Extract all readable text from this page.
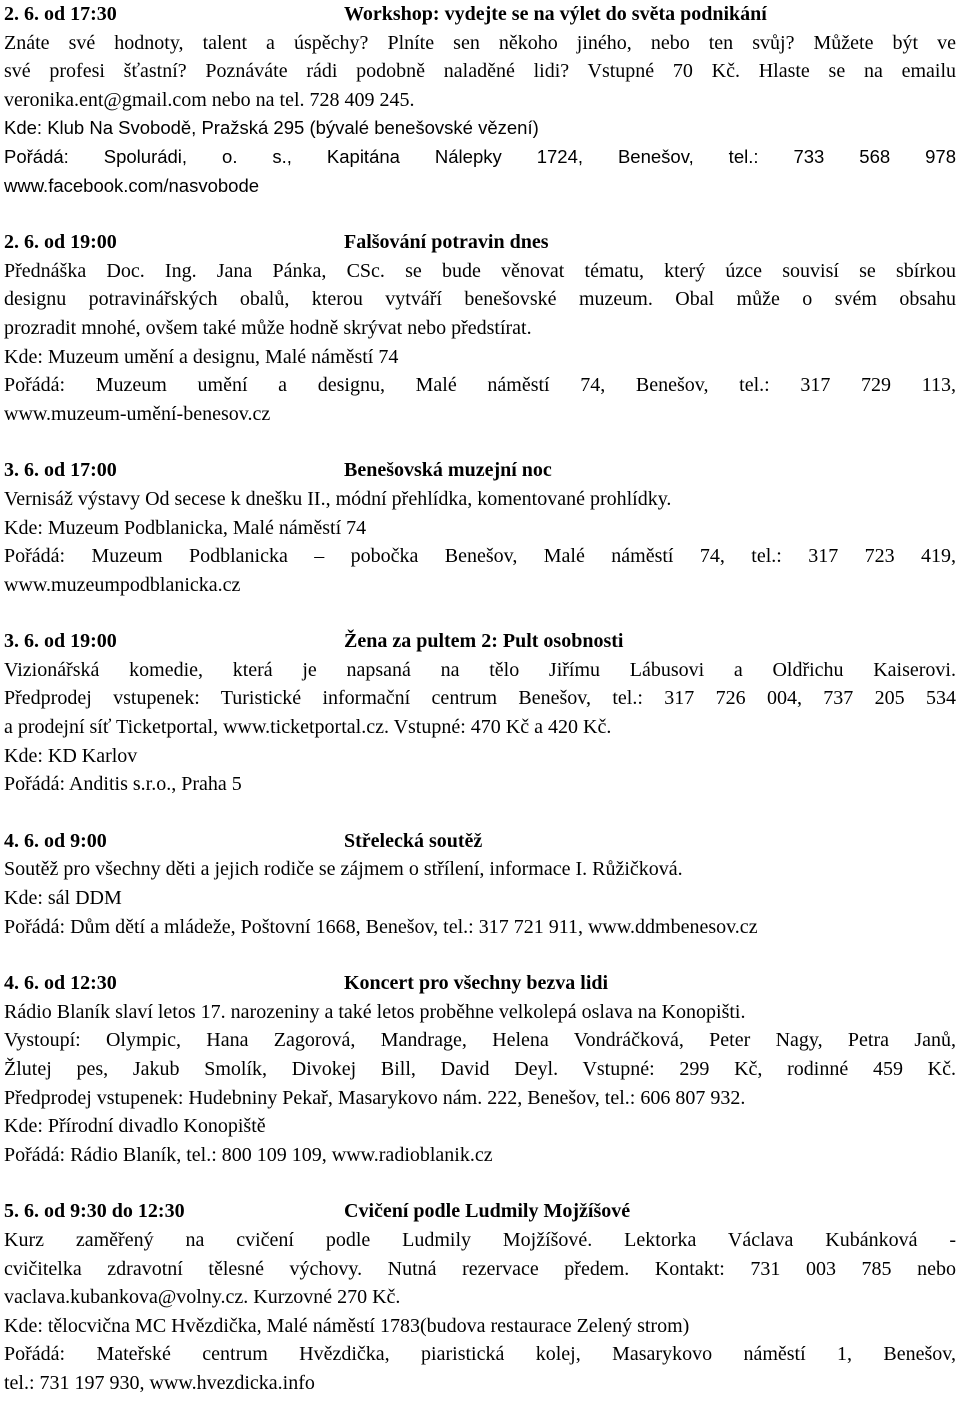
2. 6. od 17:30	Workshop: vydejte se na výlet do světa podnikání
Znáte své hodnoty, talent a úspěchy? Plníte sen někoho jiného, nebo ten svůj? Můžete být ve
své profesi šťastní? Poznáváte rádi podobně naladěné lidi? Vstupné 70 Kč. Hlaste se na emailu
veronika.ent@gmail.com nebo na tel. 728 409 245.
Kde: Klub Na Svobodě, Pražská 295 (bývalé benešovské vězení)
Pořádá: Spolurádi, o. s., Kapitána Nálepky 1724, Benešov, tel.: 733 568 978
www.facebook.com/nasvobode
2. 6. od 19:00	Falšování potravin dnes
Přednáška Doc. Ing. Jana Pánka, CSc. se bude věnovat tématu, který úzce souvisí se sbírkou
designu potravinářských obalů, kterou vytváří benešovské muzeum. Obal může o svém obsahu
prozradit mnohé, ovšem také může hodně skrývat nebo předstírat.
Kde: Muzeum umění a designu, Malé náměstí 74
Pořádá: Muzeum umění a designu, Malé náměstí 74, Benešov, tel.: 317 729 113,
www.muzeum-umění-benesov.cz
3. 6. od 17:00	Benešovská muzejní noc
Vernisáž výstavy Od secese k dnešku II., módní přehlídka, komentované prohlídky.
Kde: Muzeum Podblanicka, Malé náměstí 74
Pořádá: Muzeum Podblanicka – pobočka Benešov, Malé náměstí 74, tel.: 317 723 419,
www.muzeumpodblanicka.cz
3. 6. od 19:00	Žena za pultem 2: Pult osobnosti
Vizionářská komedie, která je napsaná na tělo Jiřímu Lábusovi a Oldřichu Kaiserovi.
Předprodej vstupenek: Turistické informační centrum Benešov, tel.: 317 726 004, 737 205 534
a prodejní síť Ticketportal, www.ticketportal.cz. Vstupné: 470 Kč a 420 Kč.
Kde: KD Karlov
Pořádá: Anditis s.r.o., Praha 5
4. 6. od 9:00	Střelecká soutěž
Soutěž pro všechny děti a jejich rodiče se zájmem o střílení, informace I. Růžičková.
Kde: sál DDM
Pořádá: Dům dětí a mládeže, Poštovní 1668, Benešov, tel.: 317 721 911, www.ddmbenesov.cz
4. 6. od 12:30	Koncert pro všechny bezva lidi
Rádio Blaník slaví letos 17. narozeniny a také letos proběhne velkolepá oslava na Konopišti.
Vystoupí: Olympic, Hana Zagorová, Mandrage, Helena Vondráčková, Peter Nagy, Petra Janů,
Žlutej pes, Jakub Smolík, Divokej Bill, David Deyl. Vstupné: 299 Kč, rodinné 459 Kč.
Předprodej vstupenek: Hudebniny Pekař, Masarykovo nám. 222, Benešov, tel.: 606 807 932.
Kde: Přírodní divadlo Konopiště
Pořádá: Rádio Blaník, tel.: 800 109 109, www.radioblanik.cz
5. 6. od 9:30 do 12:30	Cvičení podle Ludmily Mojžíšové
Kurz zaměřený na cvičení podle Ludmily Mojžíšové. Lektorka Václava Kubánková -
cvičitelka zdravotní tělesné výchovy. Nutná rezervace předem. Kontakt: 731 003 785 nebo
vaclava.kubankova@volny.cz. Kurzovné 270 Kč.
Kde: tělocvična MC Hvězdička, Malé náměstí 1783(budova restaurace Zelený strom)
Pořádá: Mateřské centrum Hvězdička, piaristická kolej, Masarykovo náměstí 1, Benešov,
tel.: 731 197 930, www.hvezdicka.info
